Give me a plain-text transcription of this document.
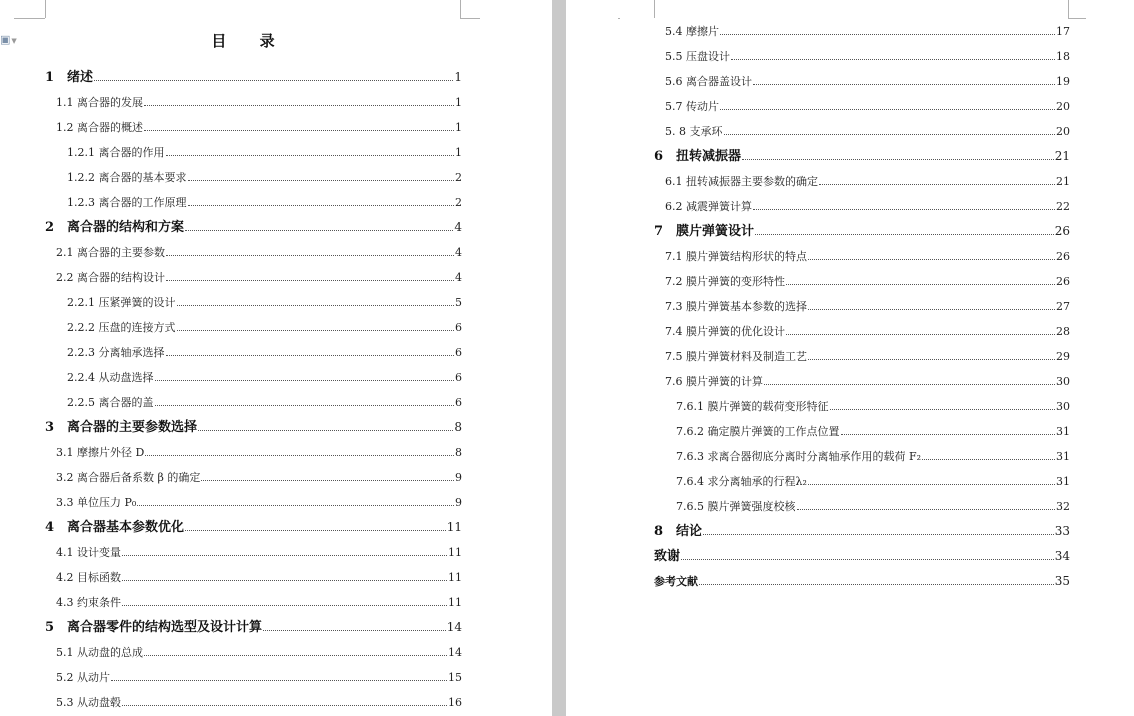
▣▼	目 录
1 绪述	1
1.1 离合器的发展	1
1.2 离合器的概述	1
1.2.1 离合器的作用	1
1.2.2 离合器的基本要求	2
1.2.3 离合器的工作原理	2
2 离合器的结构和方案	4
2.1 离合器的主要参数	4
2.2 离合器的结构设计	4
2.2.1 压紧弹簧的设计	5
2.2.2 压盘的连接方式	6
2.2.3 分离轴承选择	6
2.2.4 从动盘选择	6
2.2.5 离合器的盖	6
3 离合器的主要参数选择	8
3.1 摩擦片外径 D	8
3.2 离合器后备系数 β 的确定	9
3.3 单位压力 P₀	9
4 离合器基本参数优化	11
4.1 设计变量	11
4.2 目标函数	11
4.3 约束条件	11
5 离合器零件的结构选型及设计计算	14
5.1 从动盘的总成	14
5.2 从动片	15
5.3 从动盘毂	16
5.4 摩擦片	17
5.5 压盘设计	18
5.6 离合器盖设计	19
5.7 传动片	20
5. 8 支承环	20
6 扭转减振器	21
6.1 扭转减振器主要参数的确定	21
6.2 减震弹簧计算	22
7 膜片弹簧设计	26
7.1 膜片弹簧结构形状的特点	26
7.2 膜片弹簧的变形特性	26
7.3 膜片弹簧基本参数的选择	27
7.4 膜片弹簧的优化设计	28
7.5 膜片弹簧材料及制造工艺	29
7.6 膜片弹簧的计算	30
7.6.1 膜片弹簧的载荷变形特征	30
7.6.2 确定膜片弹簧的工作点位置	31
7.6.3 求离合器彻底分离时分离轴承作用的载荷 F₂	31
7.6.4 求分离轴承的行程λ₂	31
7.6.5 膜片弹簧强度校核	32
8 结论	33
致谢	34
参考文献	35
